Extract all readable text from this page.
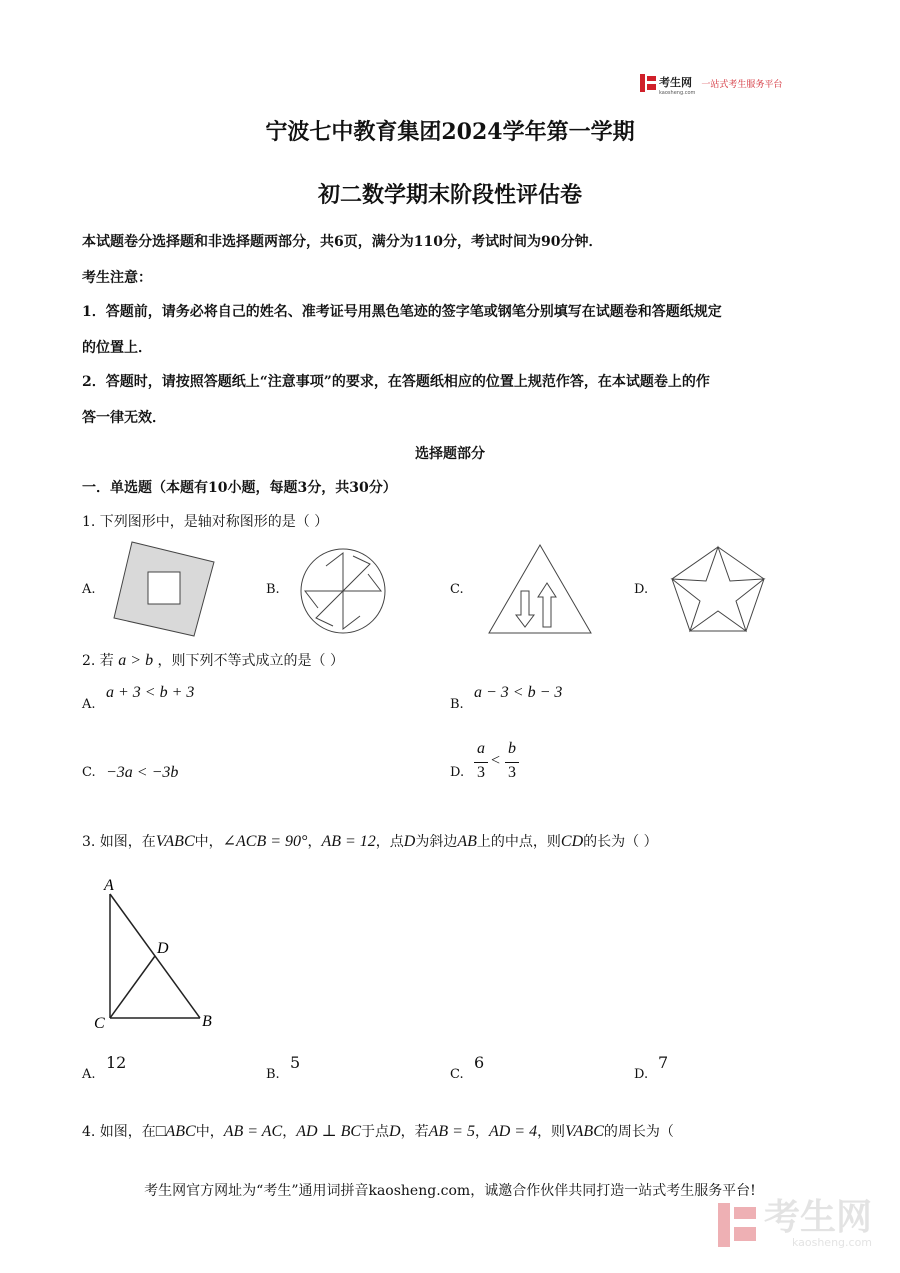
考生网
kaosheng.com
一站式考生服务平台
宁波七中教育集团2024学年第一学期
初二数学期末阶段性评估卷
本试题卷分选择题和非选择题两部分，共6页，满分为110分，考试时间为90分钟．
考生注意：
1．答题前，请务必将自己的姓名、准考证号用黑色笔迹的签字笔或钢笔分别填写在试题卷和答题纸规定
的位置上．
2．答题时，请按照答题纸上“注意事项”的要求，在答题纸相应的位置上规范作答，在本试题卷上的作
答一律无效．
选择题部分
一．单选题（本题有10小题，每题3分，共30分）
1. 下列图形中，是轴对称图形的是（ ）
A.	B.	C.	D.
2. 若 a > b ，则下列不等式成立的是（ ）
A.
a + 3 < b + 3
B.
a − 3 < b − 3
C. −3a < −3b	D.
a
3
<
b
3
3. 如图，在VABC中，∠ACB = 90°，AB = 12，点D为斜边AB上的中点，则CD的长为（ ）
A
D
C	B
A.
12
B.
5
C.
6
D.
7
4. 如图，在□ABC中，AB = AC，AD ⊥ BC于点D，若AB = 5，AD = 4，则VABC的周长为（
考生网官方网址为“考生”通用词拼音kaosheng.com，诚邀合作伙伴共同打造一站式考生服务平台!
考生网
kaosheng.com
